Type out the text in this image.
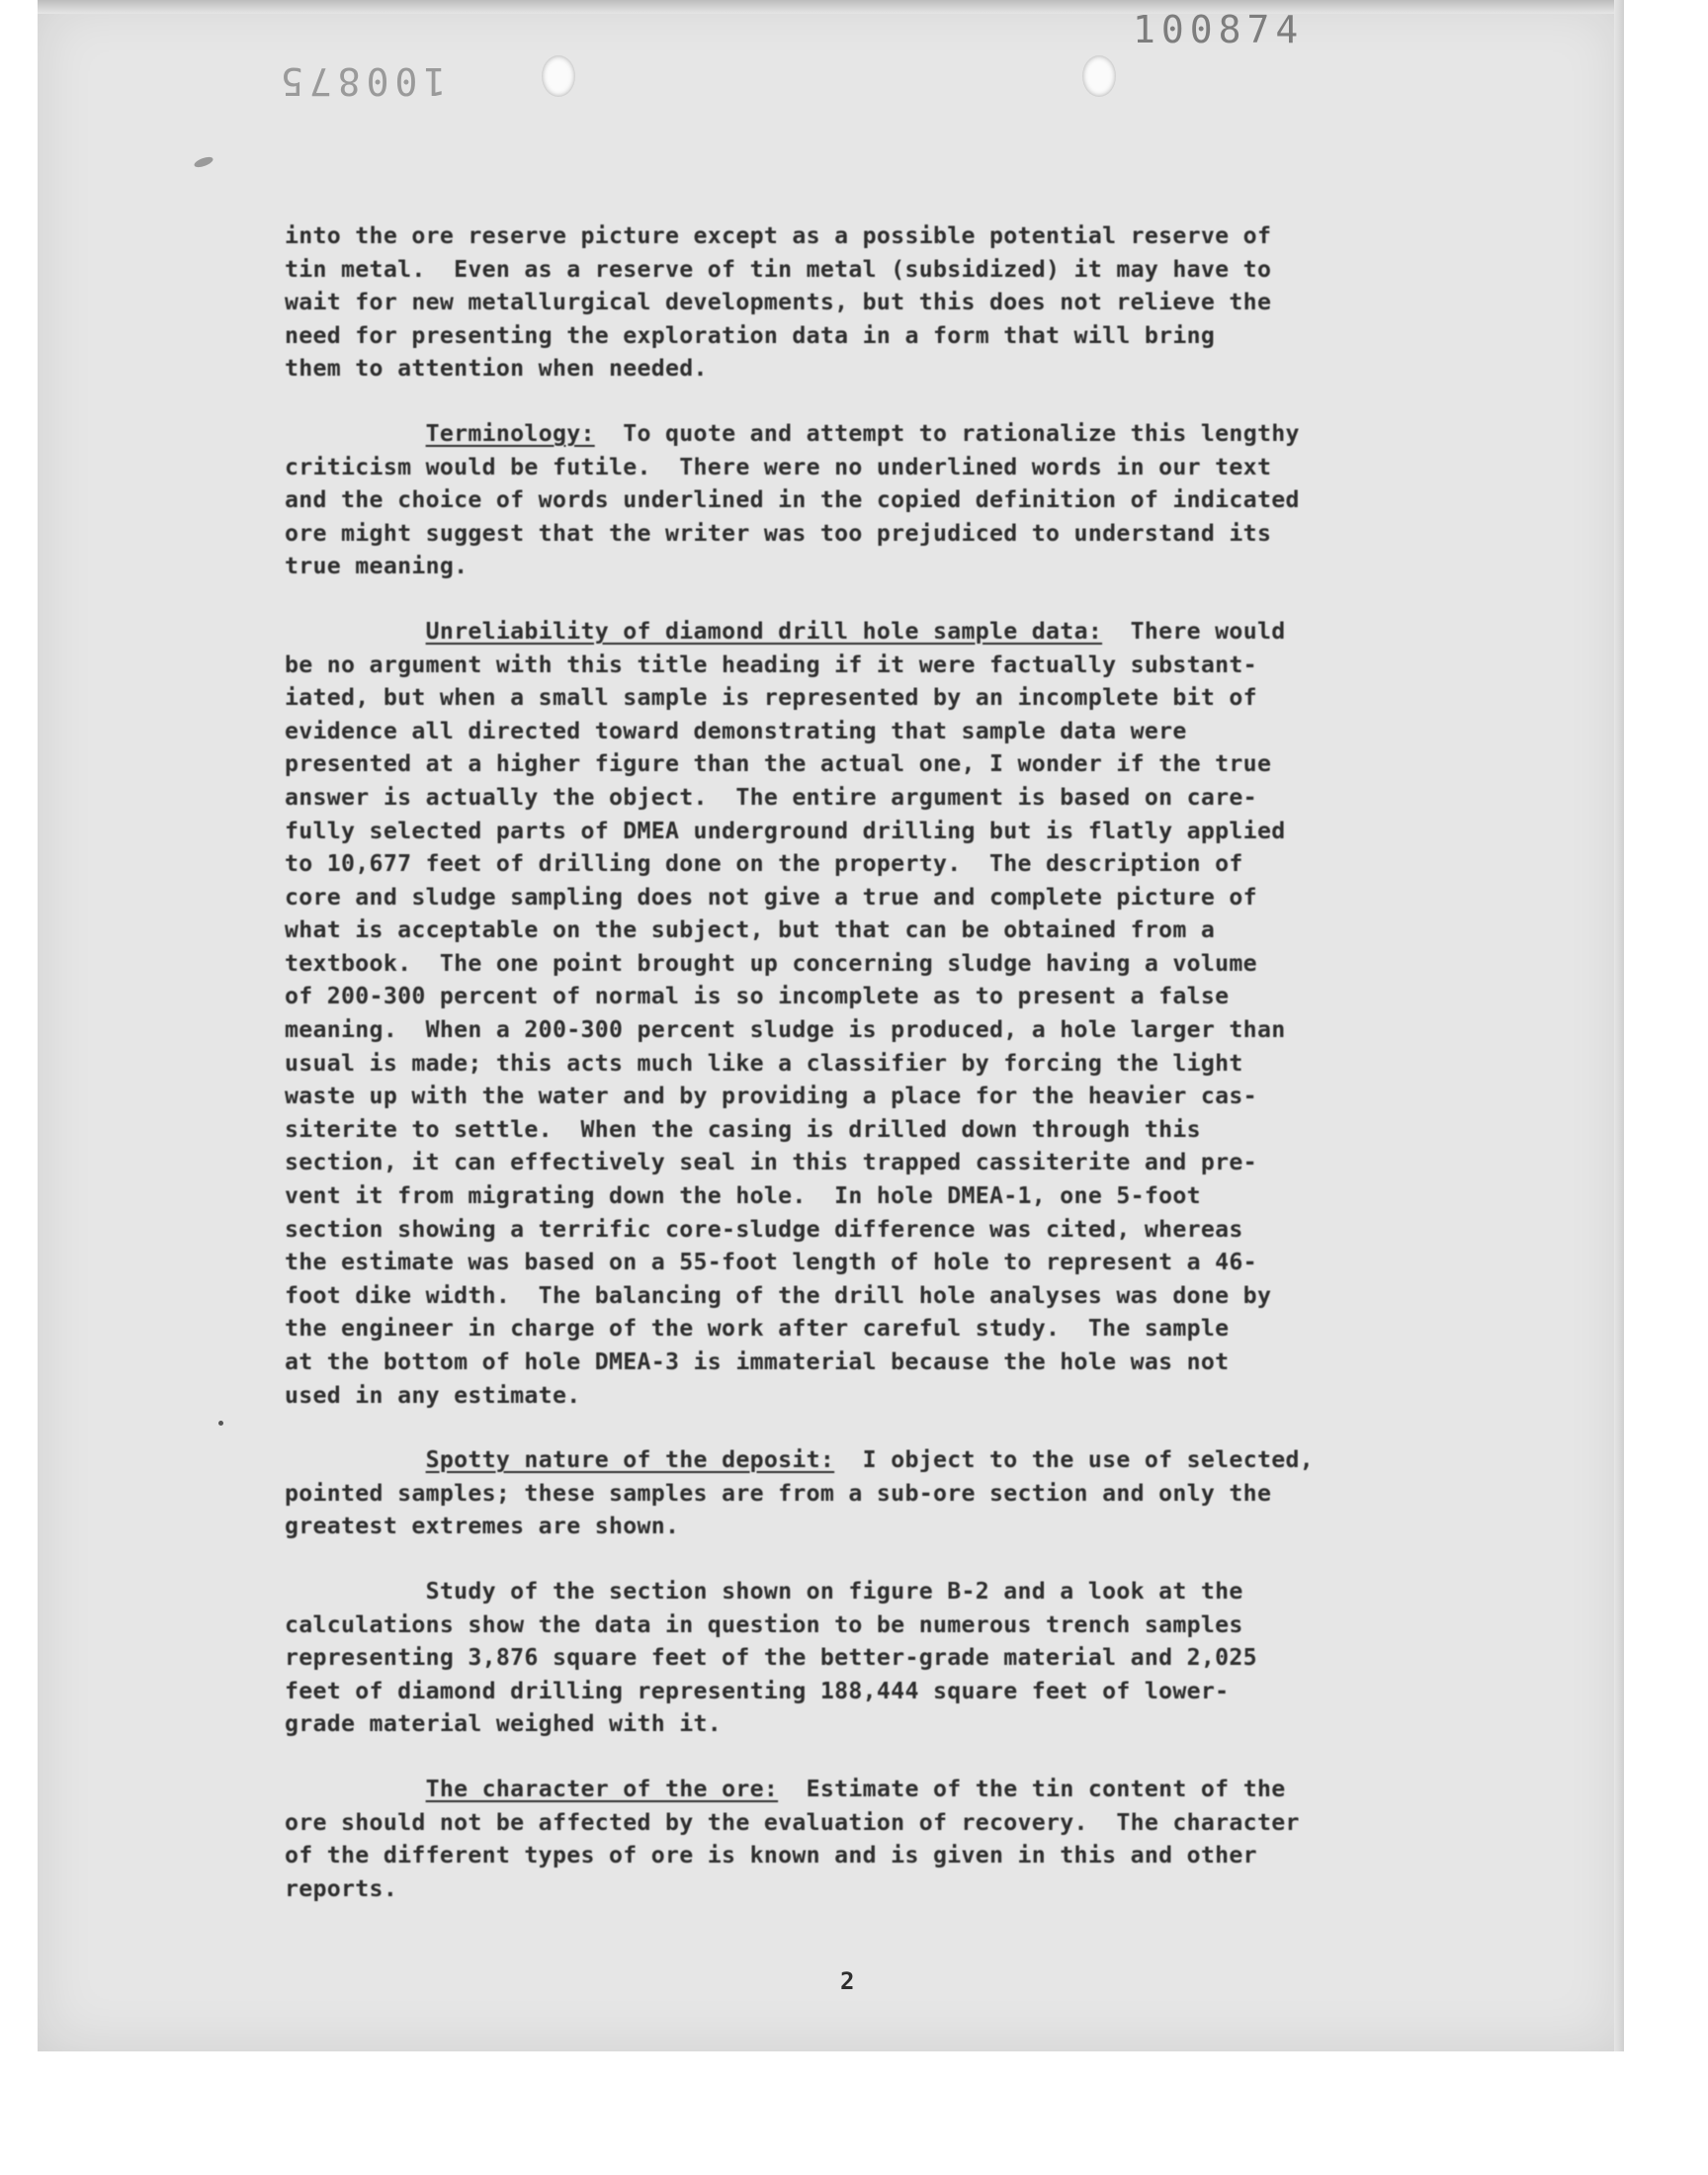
100874
100875

into the ore reserve picture except as a possible potential reserve of
tin metal.  Even as a reserve of tin metal (subsidized) it may have to
wait for new metallurgical developments, but this does not relieve the
need for presenting the exploration data in a form that will bring
them to attention when needed.

Terminology:  To quote and attempt to rationalize this lengthy
criticism would be futile.  There were no underlined words in our text
and the choice of words underlined in the copied definition of indicated
ore might suggest that the writer was too prejudiced to understand its
true meaning.

Unreliability of diamond drill hole sample data:  There would
be no argument with this title heading if it were factually substant-
iated, but when a small sample is represented by an incomplete bit of
evidence all directed toward demonstrating that sample data were
presented at a higher figure than the actual one, I wonder if the true
answer is actually the object.  The entire argument is based on care-
fully selected parts of DMEA underground drilling but is flatly applied
to 10,677 feet of drilling done on the property.  The description of
core and sludge sampling does not give a true and complete picture of
what is acceptable on the subject, but that can be obtained from a
textbook.  The one point brought up concerning sludge having a volume
of 200-300 percent of normal is so incomplete as to present a false
meaning.  When a 200-300 percent sludge is produced, a hole larger than
usual is made; this acts much like a classifier by forcing the light
waste up with the water and by providing a place for the heavier cas-
siterite to settle.  When the casing is drilled down through this
section, it can effectively seal in this trapped cassiterite and pre-
vent it from migrating down the hole.  In hole DMEA-1, one 5-foot
section showing a terrific core-sludge difference was cited, whereas
the estimate was based on a 55-foot length of hole to represent a 46-
foot dike width.  The balancing of the drill hole analyses was done by
the engineer in charge of the work after careful study.  The sample
at the bottom of hole DMEA-3 is immaterial because the hole was not
used in any estimate.

Spotty nature of the deposit:  I object to the use of selected,
pointed samples; these samples are from a sub-ore section and only the
greatest extremes are shown.

Study of the section shown on figure B-2 and a look at the
calculations show the data in question to be numerous trench samples
representing 3,876 square feet of the better-grade material and 2,025
feet of diamond drilling representing 188,444 square feet of lower-
grade material weighed with it.

The character of the ore:  Estimate of the tin content of the
ore should not be affected by the evaluation of recovery.  The character
of the different types of ore is known and is given in this and other
reports.

2
